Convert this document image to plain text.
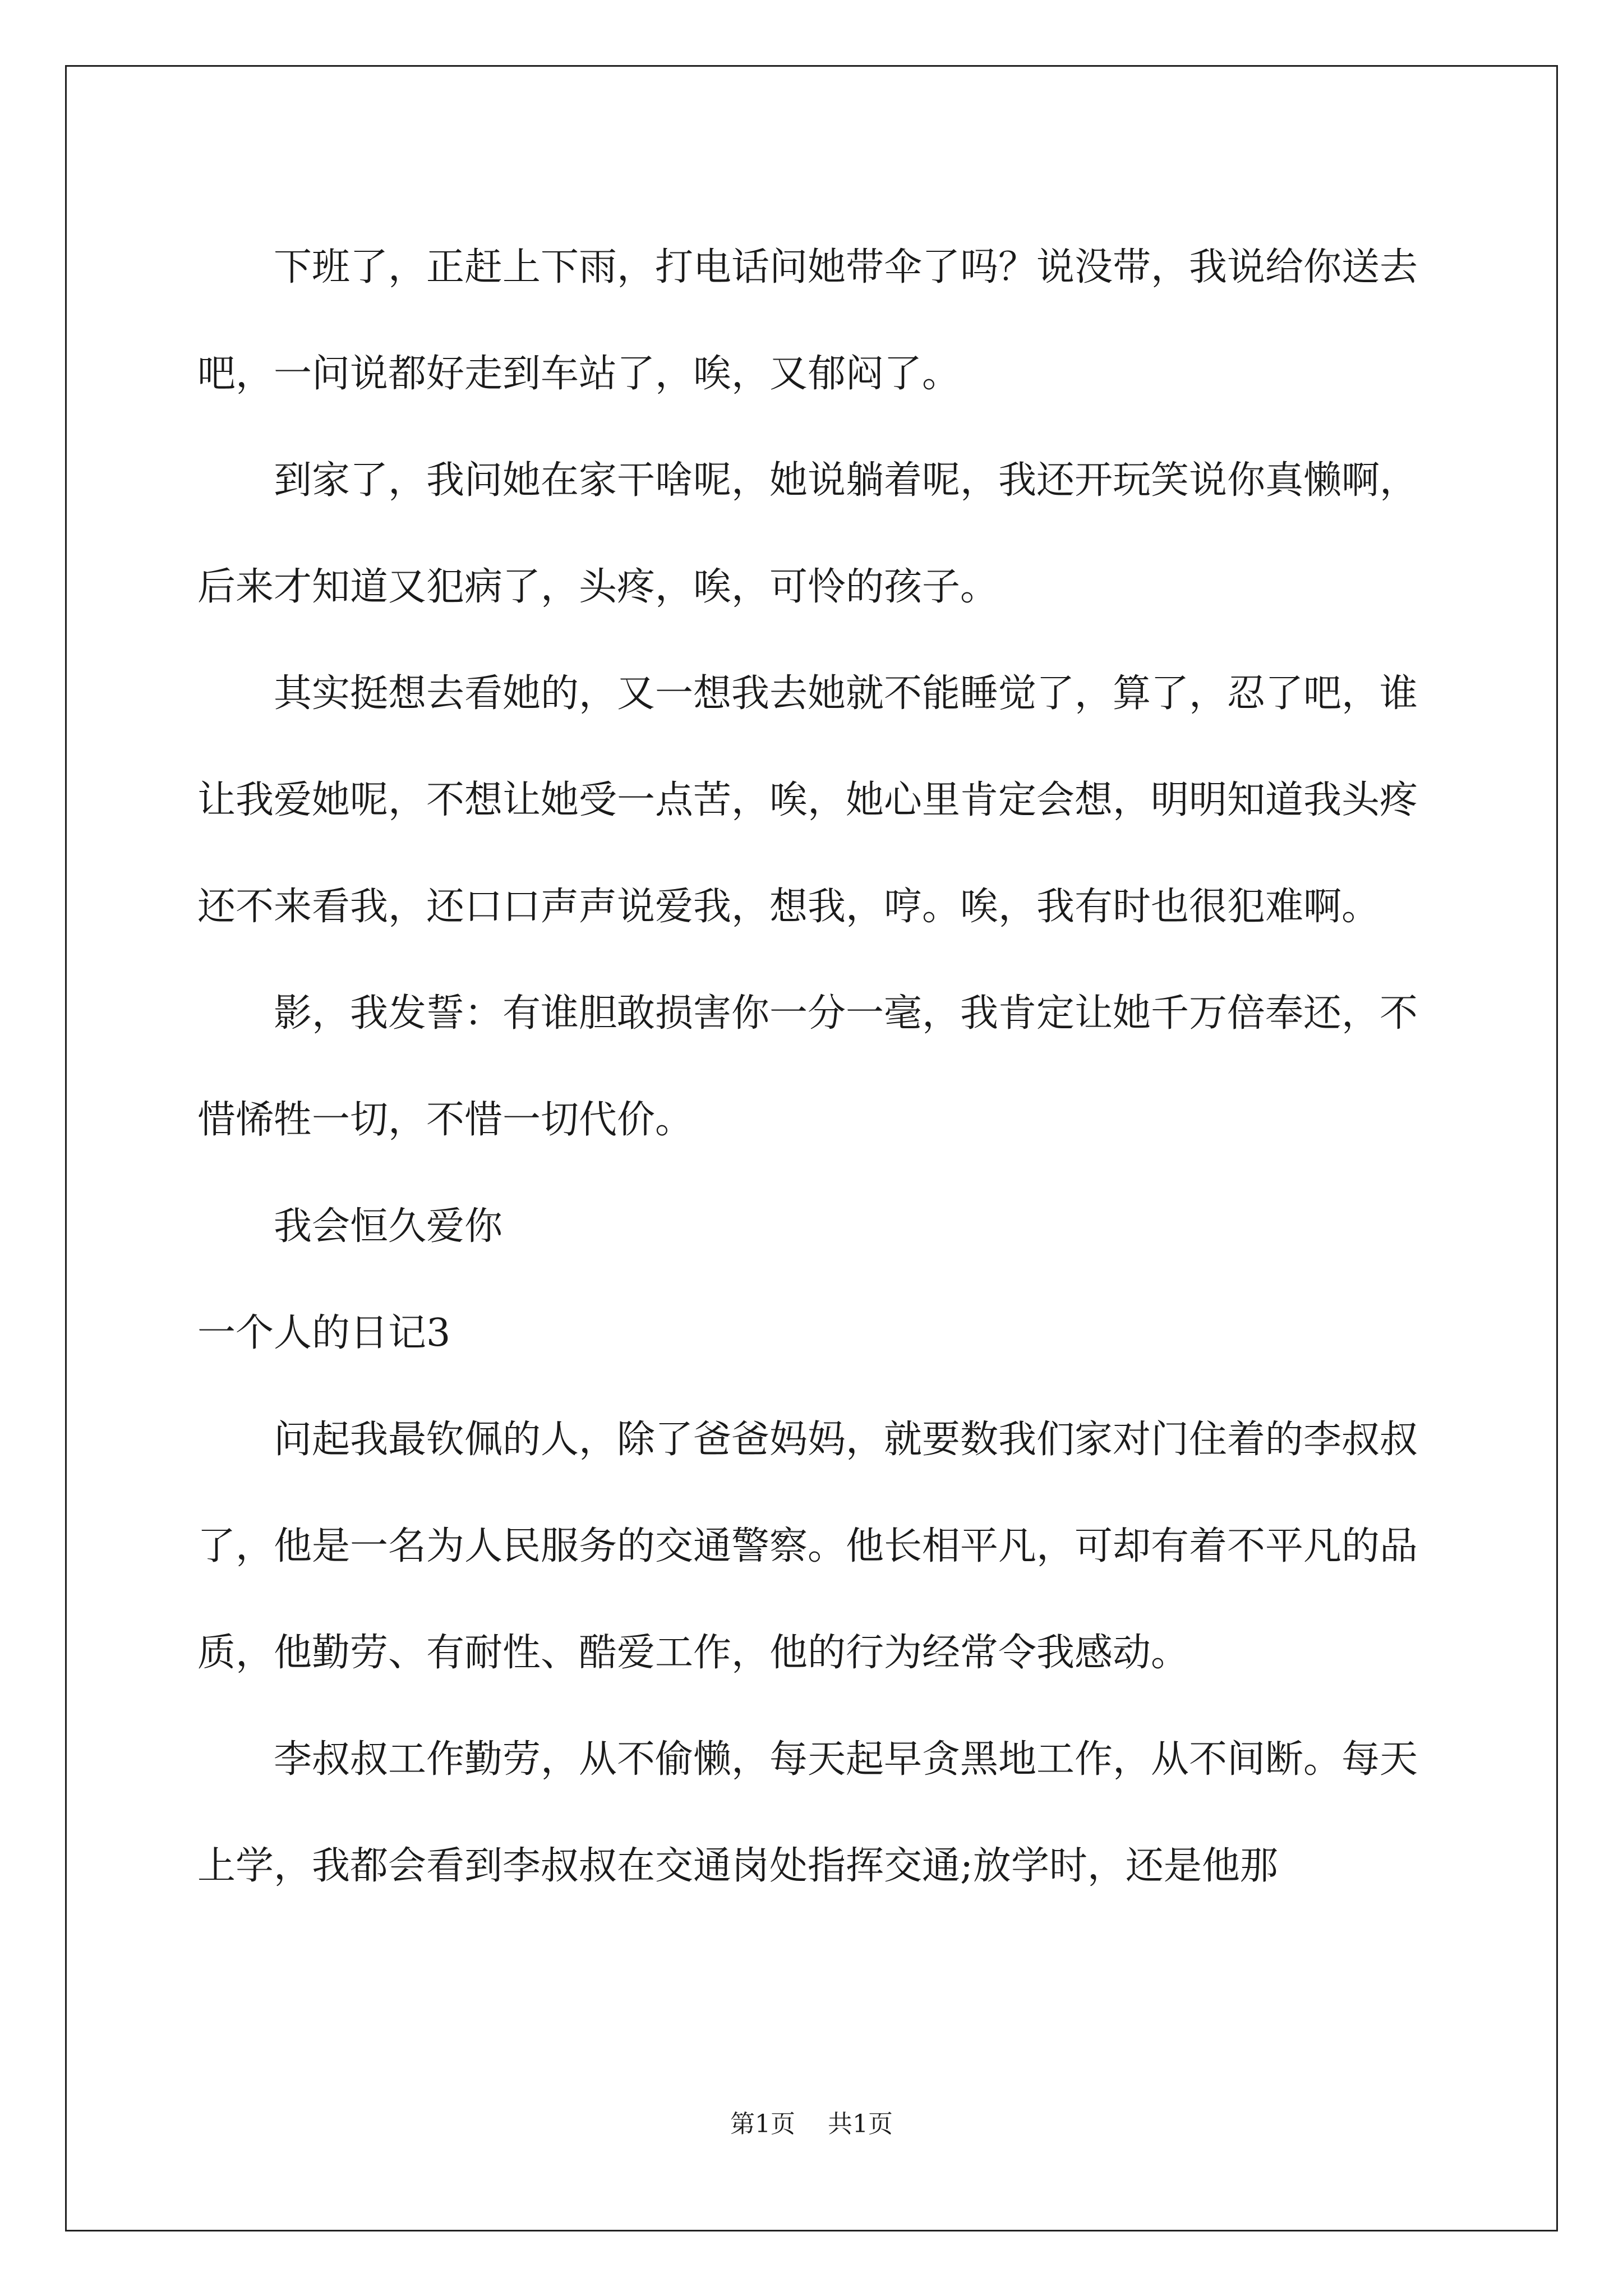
下班了，正赶上下雨，打电话问她带伞了吗？说没带，我说给你送去吧，一问说都好走到车站了，唉，又郁闷了。

到家了，我问她在家干啥呢，她说躺着呢，我还开玩笑说你真懒啊，后来才知道又犯病了，头疼，唉，可怜的孩子。

其实挺想去看她的，又一想我去她就不能睡觉了，算了，忍了吧，谁让我爱她呢，不想让她受一点苦，唉，她心里肯定会想，明明知道我头疼还不来看我，还口口声声说爱我，想我，哼。唉，我有时也很犯难啊。

影，我发誓：有谁胆敢损害你一分一毫，我肯定让她千万倍奉还，不惜悕牲一切，不惜一切代价。

我会恒久爱你

一个人的日记3

问起我最钦佩的人，除了爸爸妈妈，就要数我们家对门住着的李叔叔了，他是一名为人民服务的交通警察。他长相平凡，可却有着不平凡的品质，他勤劳、有耐性、酷爱工作，他的行为经常令我感动。

李叔叔工作勤劳，从不偷懒，每天起早贪黑地工作，从不间断。每天上学，我都会看到李叔叔在交通岗处指挥交通;放学时，还是他那

第1页 共1页
